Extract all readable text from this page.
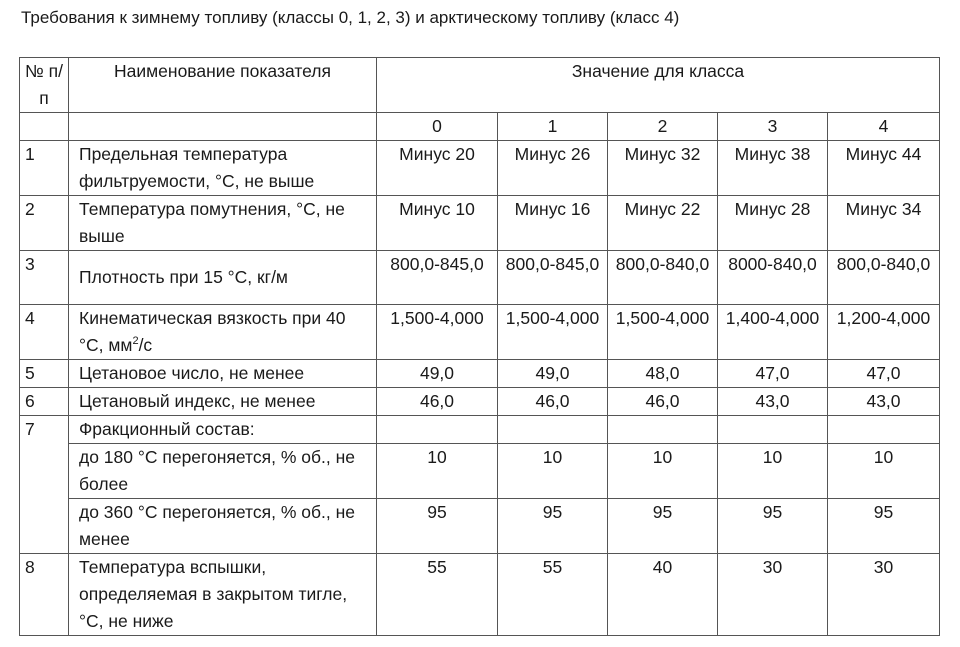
Требования к зимнему топливу (классы 0, 1, 2, 3) и арктическому топливу (класс 4)
№ п/п	Наименование показателя	Значение для класса				
		0	1	2	3	4
1	Предельная температура фильтруемости, °С, не выше	Минус 20	Минус 26	Минус 32	Минус 38	Минус 44
2	Температура помутнения, °С, не выше	Минус 10	Минус 16	Минус 22	Минус 28	Минус 34
3	Плотность при 15 °С, кг/м	800,0-845,0	800,0-845,0	800,0-840,0	8000-840,0	800,0-840,0
4	Кинематическая вязкость при 40 °С, $мм^2/с$	1,500-4,000	1,500-4,000	1,500-4,000	1,400-4,000	1,200-4,000
5	Цетановое число, не менее	49,0	49,0	48,0	47,0	47,0
6	Цетановый индекс, не менее	46,0	46,0	46,0	43,0	43,0
7	Фракционный состав:					
	до 180 °С перегоняется, % об., не более	10	10	10	10	10
	до 360 °С перегоняется, % об., не менее	95	95	95	95	95
8	Температура вспышки, определяемая в закрытом тигле, °С, не ниже	55	55	40	30	30
